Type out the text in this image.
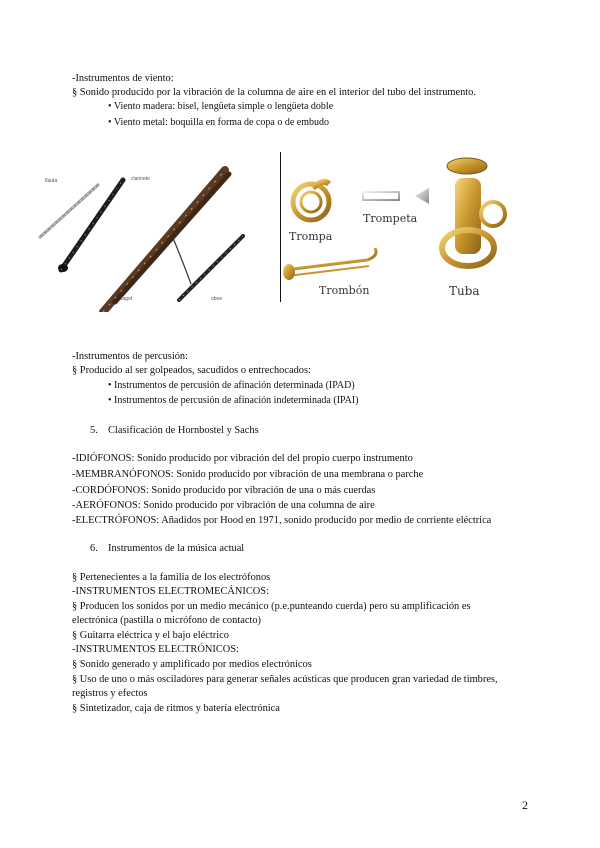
-Instrumentos de viento:
§ Sonido producido por la vibración de la columna de aire en el interior del tubo del instrumento.
• Viento madera: bisel, lengüeta simple o lengüeta doble
• Viento metal: boquilla en forma de copa o de embudo
flauta	clarinete
fagot	oboe
Trompa
Trompeta
Trombón	Tuba
-Instrumentos de percusión:
§ Producido al ser golpeados, sacudidos o entrechocados:
• Instrumentos de percusión de afinación determinada (IPAD)
• Instrumentos de percusión de afinación indeterminada (IPAI)
5. Clasificación de Hornbostel y Sachs
-IDIÓFONOS: Sonido producido por vibración del del propio cuerpo instrumento
-MEMBRANÓFONOS: Sonido producido por vibración de una membrana o parche
-CORDÓFONOS: Sonido producido por vibración de una o más cuerdas
-AERÓFONOS: Sonido producido por vibración de una columna de aire
-ELECTRÓFONOS: Añadidos por Hood en 1971, sonido producido por medio de corriente eléctrica
6. Instrumentos de la música actual
§ Pertenecientes a la familia de los electrófonos
-INSTRUMENTOS ELECTROMECÁNICOS:
§ Producen los sonidos por un medio mecánico (p.e.punteando cuerda) pero su amplificación es
electrónica (pastilla o micrófono de contacto)
§ Guitarra eléctrica y el bajo eléctrico
-INSTRUMENTOS ELECTRÓNICOS:
§ Sonido generado y amplificado por medios electrónicos
§ Uso de uno o más osciladores para generar señales acústicas que producen gran variedad de timbres,
registros y efectos
§ Sintetizador, caja de ritmos y batería electrónica
2
